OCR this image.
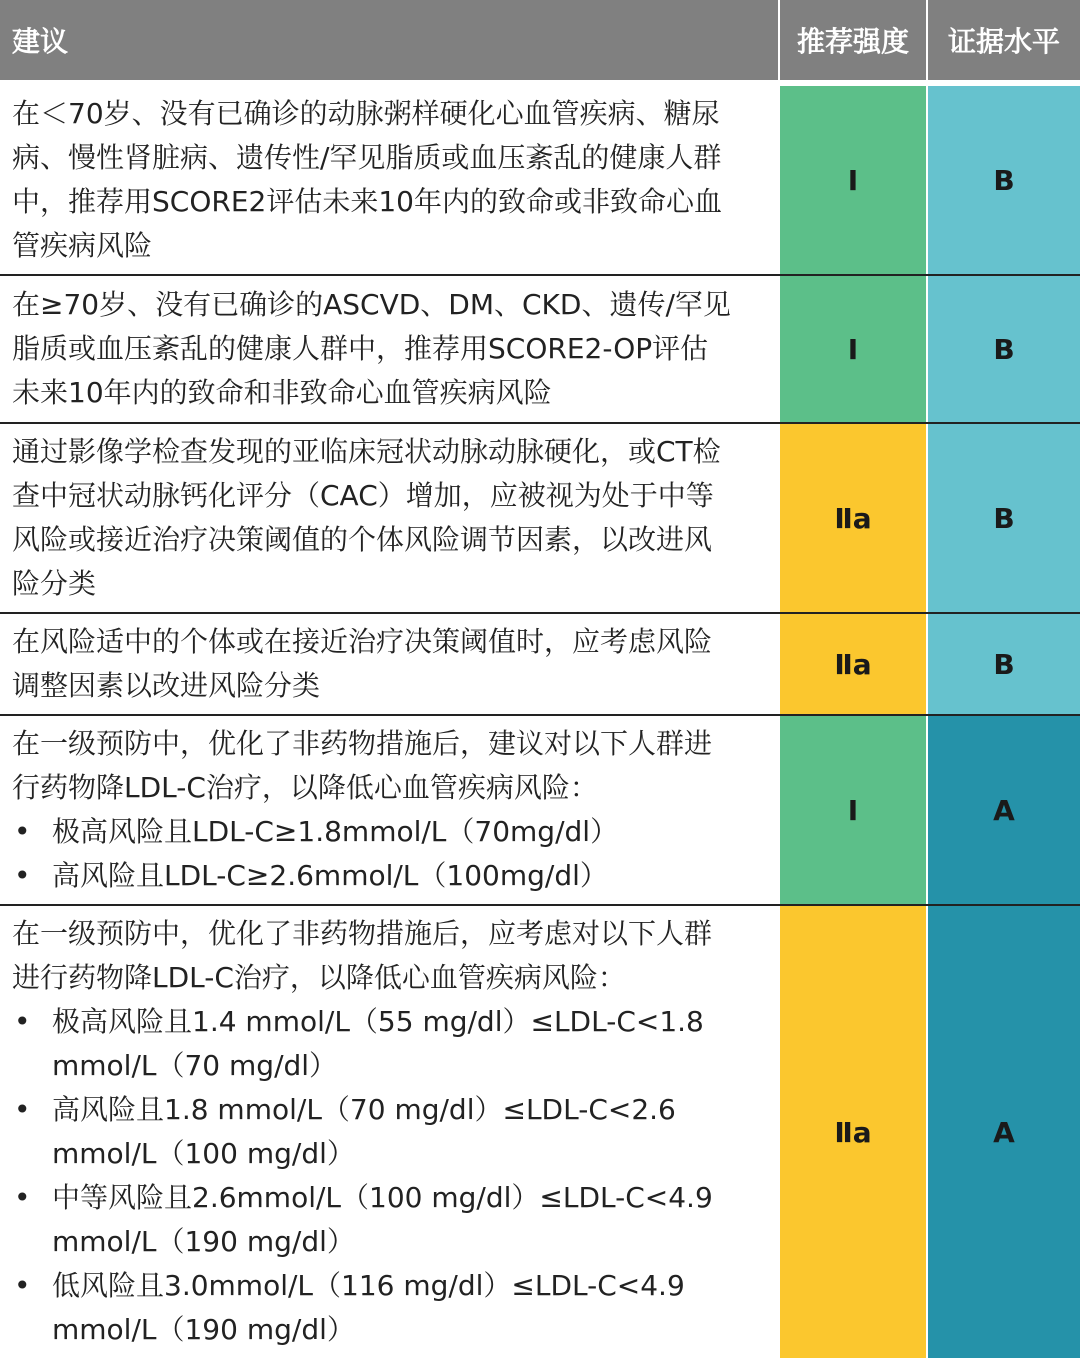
建议	推荐强度	证据水平
在＜70岁、没有已确诊的动脉粥样硬化心血管疾病、糖尿
病、慢性肾脏病、遗传性/罕见脂质或血压紊乱的健康人群
中，推荐用SCORE2评估未来10年内的致命或非致命心血
管疾病风险
I	B
在≥70岁、没有已确诊的ASCVD、DM、CKD、遗传/罕见
脂质或血压紊乱的健康人群中，推荐用SCORE2-OP评估
未来10年内的致命和非致命心血管疾病风险
I	B
通过影像学检查发现的亚临床冠状动脉动脉硬化，或CT检
查中冠状动脉钙化评分（CAC）增加，应被视为处于中等
风险或接近治疗决策阈值的个体风险调节因素，以改进风
险分类
Ⅱa	B
在风险适中的个体或在接近治疗决策阈值时，应考虑风险
调整因素以改进风险分类
Ⅱa	B
在一级预防中，优化了非药物措施后，建议对以下人群进
行药物降LDL-C治疗，以降低心血管疾病风险：
• 极高风险且LDL-C≥1.8mmol/L（70mg/dl）
• 高风险且LDL-C≥2.6mmol/L（100mg/dl）
I	A
在一级预防中，优化了非药物措施后，应考虑对以下人群
进行药物降LDL-C治疗，以降低心血管疾病风险：
• 极高风险且1.4 mmol/L（55 mg/dl）≤LDL-C<1.8
mmol/L（70 mg/dl）
• 高风险且1.8 mmol/L（70 mg/dl）≤LDL-C<2.6
mmol/L（100 mg/dl）
• 中等风险且2.6mmol/L（100 mg/dl）≤LDL-C<4.9
mmol/L（190 mg/dl）
• 低风险且3.0mmol/L（116 mg/dl）≤LDL-C<4.9
mmol/L（190 mg/dl）
Ⅱa	A
